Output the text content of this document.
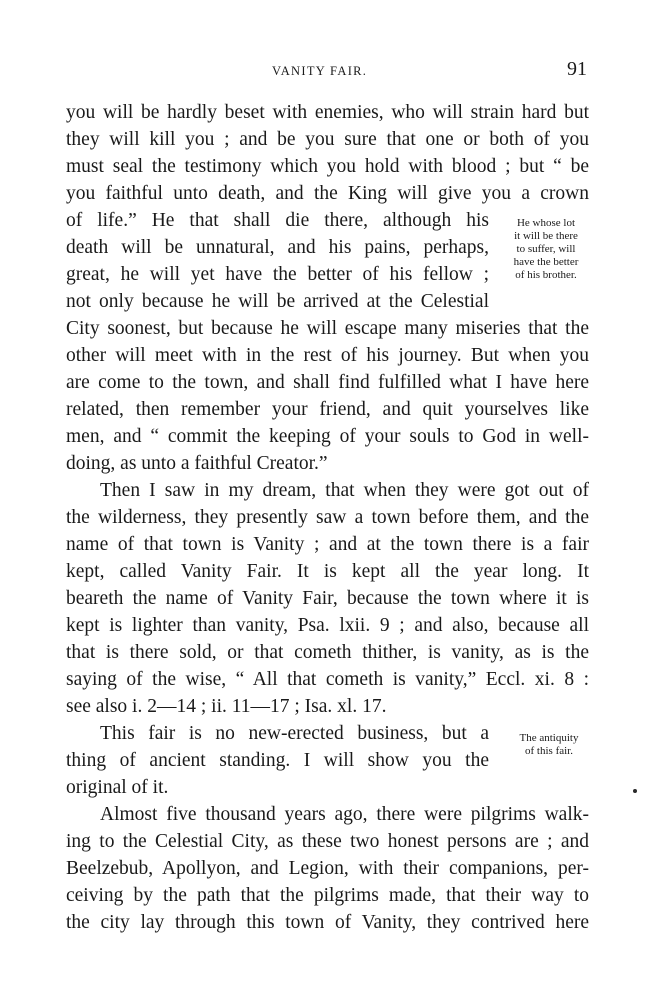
VANITY FAIR.	91
you will be hardly beset with enemies, who will strain hard but
they will kill you ; and be you sure that one or both of you
must seal the testimony which you hold with blood ; but “ be
you faithful unto death, and the King will give you a crown
of life.” He that shall die there, although his
death will be unnatural, and his pains, perhaps,
great, he will yet have the better of his fellow ;
not only because he will be arrived at the Celestial
City soonest, but because he will escape many miseries that the
other will meet with in the rest of his journey. But when you
are come to the town, and shall find fulfilled what I have here
related, then remember your friend, and quit yourselves like
men, and “ commit the keeping of your souls to God in well-
doing, as unto a faithful Creator.”
He whose lot
it will be there
to suffer, will
have the better
of his brother.
Then I saw in my dream, that when they were got out of
the wilderness, they presently saw a town before them, and the
name of that town is Vanity ; and at the town there is a fair
kept, called Vanity Fair. It is kept all the year long. It
beareth the name of Vanity Fair, because the town where it is
kept is lighter than vanity, Psa. lxii. 9 ; and also, because all
that is there sold, or that cometh thither, is vanity, as is the
saying of the wise, “ All that cometh is vanity,” Eccl. xi. 8 :
see also i. 2—14 ; ii. 11—17 ; Isa. xl. 17.
This fair is no new-erected business, but a
thing of ancient standing. I will show you the
original of it.
The antiquity
of this fair.
Almost five thousand years ago, there were pilgrims walk-
ing to the Celestial City, as these two honest persons are ; and
Beelzebub, Apollyon, and Legion, with their companions, per-
ceiving by the path that the pilgrims made, that their way to
the city lay through this town of Vanity, they contrived here
